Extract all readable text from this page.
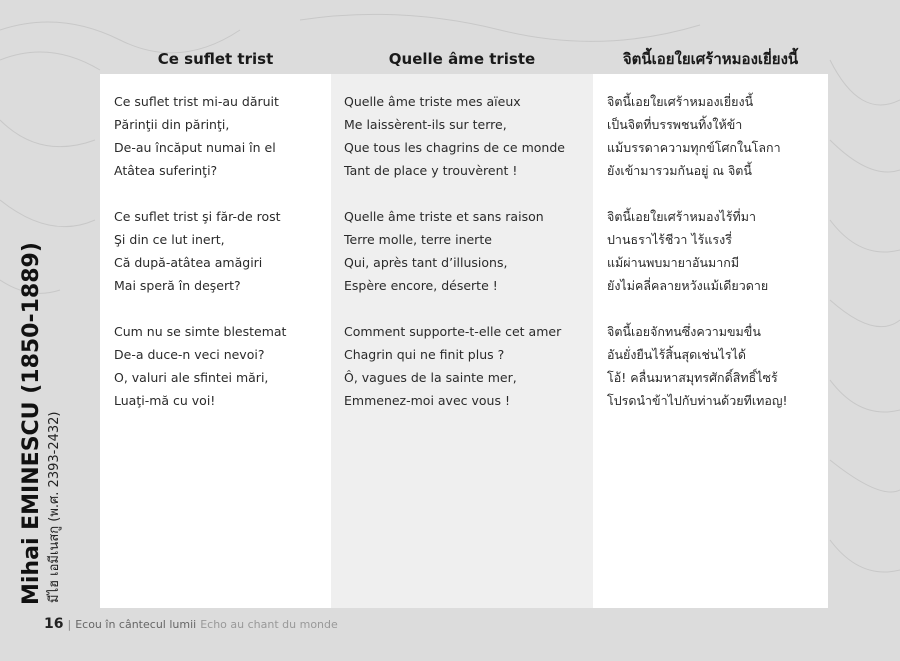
Ce suflet trist	Quelle âme triste	จิตนี้เอยใยเศร้าหมองเยี่ยงนี้
Ce suflet trist mi-au dăruit
Părinţii din părinţi,
De-au încăput numai în el
Atâtea suferinţi?
Ce suflet trist şi făr-de rost
Şi din ce lut inert,
Că după-atâtea amăgiri
Mai speră în deşert?
Cum nu se simte blestemat
De-a duce-n veci nevoi?
O, valuri ale sfintei mări,
Luaţi-mă cu voi!
Quelle âme triste mes aïeux
Me laissèrent-ils sur terre,
Que tous les chagrins de ce monde
Tant de place y trouvèrent !
Quelle âme triste et sans raison
Terre molle, terre inerte
Qui, après tant d’illusions,
Espère encore, déserte !
Comment supporte-t-elle cet amer
Chagrin qui ne finit plus ?
Ô, vagues de la sainte mer,
Emmenez-moi avec vous !
จิตนี้เอยใยเศร้าหมองเยี่ยงนี้
เป็นจิตที่บรรพชนทิ้งให้ข้า
แม้บรรดาความทุกข์โศกในโลกา
ยังเข้ามารวมกันอยู่ ณ จิตนี้
จิตนี้เอยใยเศร้าหมองไร้ที่มา
ปานธราไร้ชีวา ไร้แรงรี่
แม้ผ่านพบมายาอันมากมี
ยังไม่คลี่คลายหวังแม้เดียวดาย
จิตนี้เอยจักทนซึ่งความขมขื่น
อันยั่งยืนไร้สิ้นสุดเช่นไรได้
โอ้! คลื่นมหาสมุทรศักดิ์สิทธิ์ไซร้
โปรดนำข้าไปกับท่านด้วยทีเทอญ!
Mihai EMINESCU (1850-1889) มีไฮ เอมีเนสกู (พ.ศ. 2393-2432)
16 | Ecou în cântecul lumii Echo au chant du monde
